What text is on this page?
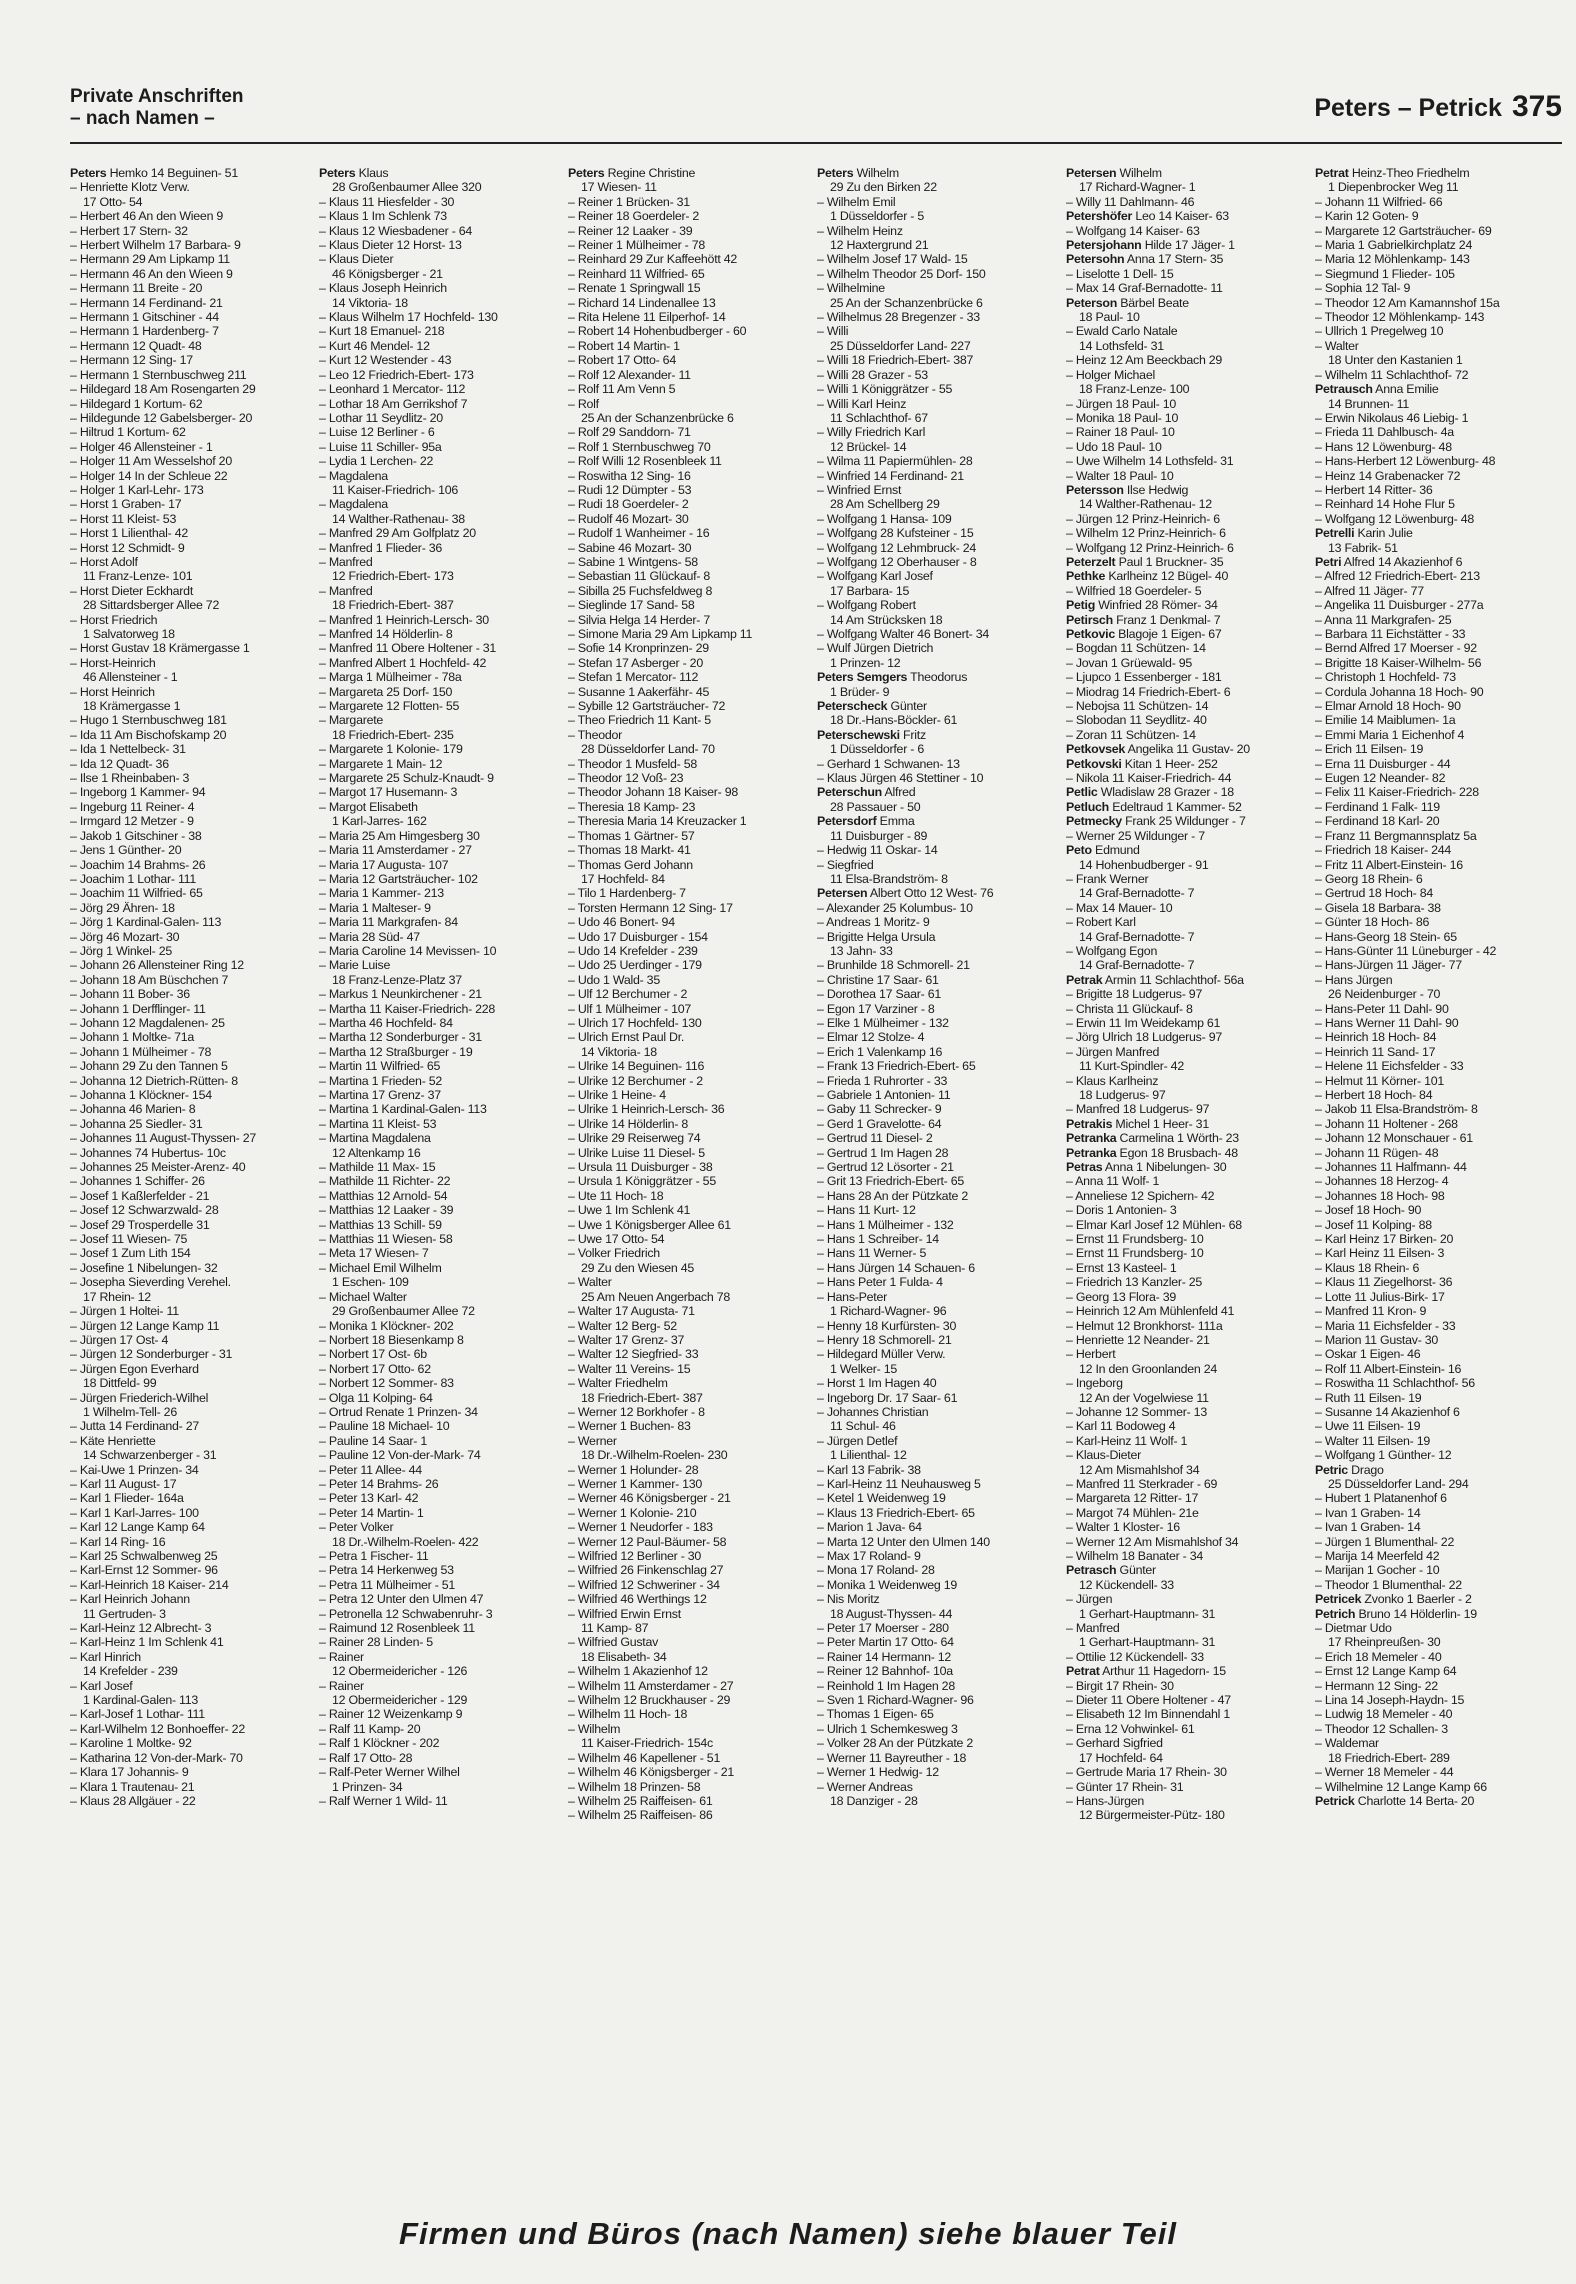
Private Anschriften
– nach Namen –	Peters – Petrick 375
Peters Hemko 14 Beguinen- 51
– Henriette Klotz Verw.
17 Otto- 54
– Herbert 46 An den Wieen 9
– Herbert 17 Stern- 32
– Herbert Wilhelm 17 Barbara- 9
– Hermann 29 Am Lipkamp 11
– Hermann 46 An den Wieen 9
– Hermann 11 Breite - 20
– Hermann 14 Ferdinand- 21
– Hermann 1 Gitschiner - 44
– Hermann 1 Hardenberg- 7
– Hermann 12 Quadt- 48
– Hermann 12 Sing- 17
– Hermann 1 Sternbuschweg 211
– Hildegard 18 Am Rosengarten 29
– Hildegard 1 Kortum- 62
– Hildegunde 12 Gabelsberger- 20
– Hiltrud 1 Kortum- 62
– Holger 46 Allensteiner - 1
– Holger 11 Am Wesselshof 20
– Holger 14 In der Schleue 22
– Holger 1 Karl-Lehr- 173
– Horst 1 Graben- 17
– Horst 11 Kleist- 53
– Horst 1 Lilienthal- 42
– Horst 12 Schmidt- 9
– Horst Adolf
11 Franz-Lenze- 101
– Horst Dieter Eckhardt
28 Sittardsberger Allee 72
– Horst Friedrich
1 Salvatorweg 18
– Horst Gustav 18 Krämergasse 1
– Horst-Heinrich
46 Allensteiner - 1
– Horst Heinrich
18 Krämergasse 1
– Hugo 1 Sternbuschweg 181
– Ida 11 Am Bischofskamp 20
– Ida 1 Nettelbeck- 31
– Ida 12 Quadt- 36
– Ilse 1 Rheinbaben- 3
– Ingeborg 1 Kammer- 94
– Ingeburg 11 Reiner- 4
– Irmgard 12 Metzer - 9
– Jakob 1 Gitschiner - 38
– Jens 1 Günther- 20
– Joachim 14 Brahms- 26
– Joachim 1 Lothar- 111
– Joachim 11 Wilfried- 65
– Jörg 29 Ähren- 18
– Jörg 1 Kardinal-Galen- 113
– Jörg 46 Mozart- 30
– Jörg 1 Winkel- 25
– Johann 26 Allensteiner Ring 12
– Johann 18 Am Büschchen 7
– Johann 11 Bober- 36
– Johann 1 Derfflinger- 11
– Johann 12 Magdalenen- 25
– Johann 1 Moltke- 71a
– Johann 1 Mülheimer - 78
– Johann 29 Zu den Tannen 5
– Johanna 12 Dietrich-Rütten- 8
– Johanna 1 Klöckner- 154
– Johanna 46 Marien- 8
– Johanna 25 Siedler- 31
– Johannes 11 August-Thyssen- 27
– Johannes 74 Hubertus- 10c
– Johannes 25 Meister-Arenz- 40
– Johannes 1 Schiffer- 26
– Josef 1 Kaßlerfelder - 21
– Josef 12 Schwarzwald- 28
– Josef 29 Trosperdelle 31
– Josef 11 Wiesen- 75
– Josef 1 Zum Lith 154
– Josefine 1 Nibelungen- 32
– Josepha Sieverding Verehel.
17 Rhein- 12
– Jürgen 1 Holtei- 11
– Jürgen 12 Lange Kamp 11
– Jürgen 17 Ost- 4
– Jürgen 12 Sonderburger - 31
– Jürgen Egon Everhard
18 Dittfeld- 99
– Jürgen Friederich-Wilhel
1 Wilhelm-Tell- 26
– Jutta 14 Ferdinand- 27
– Käte Henriette
14 Schwarzenberger - 31
– Kai-Uwe 1 Prinzen- 34
– Karl 11 August- 17
– Karl 1 Flieder- 164a
– Karl 1 Karl-Jarres- 100
– Karl 12 Lange Kamp 64
– Karl 14 Ring- 16
– Karl 25 Schwalbenweg 25
– Karl-Ernst 12 Sommer- 96
– Karl-Heinrich 18 Kaiser- 214
– Karl Heinrich Johann
11 Gertruden- 3
– Karl-Heinz 12 Albrecht- 3
– Karl-Heinz 1 Im Schlenk 41
– Karl Hinrich
14 Krefelder - 239
– Karl Josef
1 Kardinal-Galen- 113
– Karl-Josef 1 Lothar- 111
– Karl-Wilhelm 12 Bonhoeffer- 22
– Karoline 1 Moltke- 92
– Katharina 12 Von-der-Mark- 70
– Klara 17 Johannis- 9
– Klara 1 Trautenau- 21
– Klaus 28 Allgäuer - 22
Peters Klaus
28 Großenbaumer Allee 320
– Klaus 11 Hiesfelder - 30
– Klaus 1 Im Schlenk 73
– Klaus 12 Wiesbadener - 64
– Klaus Dieter 12 Horst- 13
– Klaus Dieter
46 Königsberger - 21
– Klaus Joseph Heinrich
14 Viktoria- 18
– Klaus Wilhelm 17 Hochfeld- 130
– Kurt 18 Emanuel- 218
– Kurt 46 Mendel- 12
– Kurt 12 Westender - 43
– Leo 12 Friedrich-Ebert- 173
– Leonhard 1 Mercator- 112
– Lothar 18 Am Gerrikshof 7
– Lothar 11 Seydlitz- 20
– Luise 12 Berliner - 6
– Luise 11 Schiller- 95a
– Lydia 1 Lerchen- 22
– Magdalena
11 Kaiser-Friedrich- 106
– Magdalena
14 Walther-Rathenau- 38
– Manfred 29 Am Golfplatz 20
– Manfred 1 Flieder- 36
– Manfred
12 Friedrich-Ebert- 173
– Manfred
18 Friedrich-Ebert- 387
– Manfred 1 Heinrich-Lersch- 30
– Manfred 14 Hölderlin- 8
– Manfred 11 Obere Holtener - 31
– Manfred Albert 1 Hochfeld- 42
– Marga 1 Mülheimer - 78a
– Margareta 25 Dorf- 150
– Margarete 12 Flotten- 55
– Margarete
18 Friedrich-Ebert- 235
– Margarete 1 Kolonie- 179
– Margarete 1 Main- 12
– Margarete 25 Schulz-Knaudt- 9
– Margot 17 Husemann- 3
– Margot Elisabeth
1 Karl-Jarres- 162
– Maria 25 Am Himgesberg 30
– Maria 11 Amsterdamer - 27
– Maria 17 Augusta- 107
– Maria 12 Gartsträucher- 102
– Maria 1 Kammer- 213
– Maria 1 Malteser- 9
– Maria 11 Markgrafen- 84
– Maria 28 Süd- 47
– Maria Caroline 14 Mevissen- 10
– Marie Luise
18 Franz-Lenze-Platz 37
– Markus 1 Neunkirchener - 21
– Martha 11 Kaiser-Friedrich- 228
– Martha 46 Hochfeld- 84
– Martha 12 Sonderburger - 31
– Martha 12 Straßburger - 19
– Martin 11 Wilfried- 65
– Martina 1 Frieden- 52
– Martina 17 Grenz- 37
– Martina 1 Kardinal-Galen- 113
– Martina 11 Kleist- 53
– Martina Magdalena
12 Altenkamp 16
– Mathilde 11 Max- 15
– Mathilde 11 Richter- 22
– Matthias 12 Arnold- 54
– Matthias 12 Laaker - 39
– Matthias 13 Schill- 59
– Matthias 11 Wiesen- 58
– Meta 17 Wiesen- 7
– Michael Emil Wilhelm
1 Eschen- 109
– Michael Walter
29 Großenbaumer Allee 72
– Monika 1 Klöckner- 202
– Norbert 18 Biesenkamp 8
– Norbert 17 Ost- 6b
– Norbert 17 Otto- 62
– Norbert 12 Sommer- 83
– Olga 11 Kolping- 64
– Ortrud Renate 1 Prinzen- 34
– Pauline 18 Michael- 10
– Pauline 14 Saar- 1
– Pauline 12 Von-der-Mark- 74
– Peter 11 Allee- 44
– Peter 14 Brahms- 26
– Peter 13 Karl- 42
– Peter 14 Martin- 1
– Peter Volker
18 Dr.-Wilhelm-Roelen- 422
– Petra 1 Fischer- 11
– Petra 14 Herkenweg 53
– Petra 11 Mülheimer - 51
– Petra 12 Unter den Ulmen 47
– Petronella 12 Schwabenruhr- 3
– Raimund 12 Rosenbleek 11
– Rainer 28 Linden- 5
– Rainer
12 Obermeidericher - 126
– Rainer
12 Obermeidericher - 129
– Rainer 12 Weizenkamp 9
– Ralf 11 Kamp- 20
– Ralf 1 Klöckner - 202
– Ralf 17 Otto- 28
– Ralf-Peter Werner Wilhel
1 Prinzen- 34
– Ralf Werner 1 Wild- 11
Peters Regine Christine
17 Wiesen- 11
– Reiner 1 Brücken- 31
– Reiner 18 Goerdeler- 2
– Reiner 12 Laaker - 39
– Reiner 1 Mülheimer - 78
– Reinhard 29 Zur Kaffeehött 42
– Reinhard 11 Wilfried- 65
– Renate 1 Springwall 15
– Richard 14 Lindenallee 13
– Rita Helene 11 Eilperhof- 14
– Robert 14 Hohenbudberger - 60
– Robert 14 Martin- 1
– Robert 17 Otto- 64
– Rolf 12 Alexander- 11
– Rolf 11 Am Venn 5
– Rolf
25 An der Schanzenbrücke 6
– Rolf 29 Sanddorn- 71
– Rolf 1 Sternbuschweg 70
– Rolf Willi 12 Rosenbleek 11
– Roswitha 12 Sing- 16
– Rudi 12 Dümpter - 53
– Rudi 18 Goerdeler- 2
– Rudolf 46 Mozart- 30
– Rudolf 1 Wanheimer - 16
– Sabine 46 Mozart- 30
– Sabine 1 Wintgens- 58
– Sebastian 11 Glückauf- 8
– Sibilla 25 Fuchsfeldweg 8
– Sieglinde 17 Sand- 58
– Silvia Helga 14 Herder- 7
– Simone Maria 29 Am Lipkamp 11
– Sofie 14 Kronprinzen- 29
– Stefan 17 Asberger - 20
– Stefan 1 Mercator- 112
– Susanne 1 Aakerfähr- 45
– Sybille 12 Gartsträucher- 72
– Theo Friedrich 11 Kant- 5
– Theodor
28 Düsseldorfer Land- 70
– Theodor 1 Musfeld- 58
– Theodor 12 Voß- 23
– Theodor Johann 18 Kaiser- 98
– Theresia 18 Kamp- 23
– Theresia Maria 14 Kreuzacker 1
– Thomas 1 Gärtner- 57
– Thomas 18 Markt- 41
– Thomas Gerd Johann
17 Hochfeld- 84
– Tilo 1 Hardenberg- 7
– Torsten Hermann 12 Sing- 17
– Udo 46 Bonert- 94
– Udo 17 Duisburger - 154
– Udo 14 Krefelder - 239
– Udo 25 Uerdinger - 179
– Udo 1 Wald- 35
– Ulf 12 Berchumer - 2
– Ulf 1 Mülheimer - 107
– Ulrich 17 Hochfeld- 130
– Ulrich Ernst Paul Dr.
14 Viktoria- 18
– Ulrike 14 Beguinen- 116
– Ulrike 12 Berchumer - 2
– Ulrike 1 Heine- 4
– Ulrike 1 Heinrich-Lersch- 36
– Ulrike 14 Hölderlin- 8
– Ulrike 29 Reiserweg 74
– Ulrike Luise 11 Diesel- 5
– Ursula 11 Duisburger - 38
– Ursula 1 Königgrätzer - 55
– Ute 11 Hoch- 18
– Uwe 1 Im Schlenk 41
– Uwe 1 Königsberger Allee 61
– Uwe 17 Otto- 54
– Volker Friedrich
29 Zu den Wiesen 45
– Walter
25 Am Neuen Angerbach 78
– Walter 17 Augusta- 71
– Walter 12 Berg- 52
– Walter 17 Grenz- 37
– Walter 12 Siegfried- 33
– Walter 11 Vereins- 15
– Walter Friedhelm
18 Friedrich-Ebert- 387
– Werner 12 Borkhofer - 8
– Werner 1 Buchen- 83
– Werner
18 Dr.-Wilhelm-Roelen- 230
– Werner 1 Holunder- 28
– Werner 1 Kammer- 130
– Werner 46 Königsberger - 21
– Werner 1 Kolonie- 210
– Werner 1 Neudorfer - 183
– Werner 12 Paul-Bäumer- 58
– Wilfried 12 Berliner - 30
– Wilfried 26 Finkenschlag 27
– Wilfried 12 Schweriner - 34
– Wilfried 46 Werthings 12
– Wilfried Erwin Ernst
11 Kamp- 87
– Wilfried Gustav
18 Elisabeth- 34
– Wilhelm 1 Akazienhof 12
– Wilhelm 11 Amsterdamer - 27
– Wilhelm 12 Bruckhauser - 29
– Wilhelm 11 Hoch- 18
– Wilhelm
11 Kaiser-Friedrich- 154c
– Wilhelm 46 Kapellener - 51
– Wilhelm 46 Königsberger - 21
– Wilhelm 18 Prinzen- 58
– Wilhelm 25 Raiffeisen- 61
– Wilhelm 25 Raiffeisen- 86
Peters Wilhelm
29 Zu den Birken 22
– Wilhelm Emil
1 Düsseldorfer - 5
– Wilhelm Heinz
12 Haxtergrund 21
– Wilhelm Josef 17 Wald- 15
– Wilhelm Theodor 25 Dorf- 150
– Wilhelmine
25 An der Schanzenbrücke 6
– Wilhelmus 28 Bregenzer - 33
– Willi
25 Düsseldorfer Land- 227
– Willi 18 Friedrich-Ebert- 387
– Willi 28 Grazer - 53
– Willi 1 Königgrätzer - 55
– Willi Karl Heinz
11 Schlachthof- 67
– Willy Friedrich Karl
12 Brückel- 14
– Wilma 11 Papiermühlen- 28
– Winfried 14 Ferdinand- 21
– Winfried Ernst
28 Am Schellberg 29
– Wolfgang 1 Hansa- 109
– Wolfgang 28 Kufsteiner - 15
– Wolfgang 12 Lehmbruck- 24
– Wolfgang 12 Oberhauser - 8
– Wolfgang Karl Josef
17 Barbara- 15
– Wolfgang Robert
14 Am Strücksken 18
– Wolfgang Walter 46 Bonert- 34
– Wulf Jürgen Dietrich
1 Prinzen- 12
Peters Semgers Theodorus
1 Brüder- 9
Peterscheck Günter
18 Dr.-Hans-Böckler- 61
Peterschewski Fritz
1 Düsseldorfer - 6
– Gerhard 1 Schwanen- 13
– Klaus Jürgen 46 Stettiner - 10
Peterschun Alfred
28 Passauer - 50
Petersdorf Emma
11 Duisburger - 89
– Hedwig 11 Oskar- 14
– Siegfried
11 Elsa-Brandström- 8
Petersen Albert Otto 12 West- 76
– Alexander 25 Kolumbus- 10
– Andreas 1 Moritz- 9
– Brigitte Helga Ursula
13 Jahn- 33
– Brunhilde 18 Schmorell- 21
– Christine 17 Saar- 61
– Dorothea 17 Saar- 61
– Egon 17 Varziner - 8
– Elke 1 Mülheimer - 132
– Elmar 12 Stolze- 4
– Erich 1 Valenkamp 16
– Frank 13 Friedrich-Ebert- 65
– Frieda 1 Ruhrorter - 33
– Gabriele 1 Antonien- 11
– Gaby 11 Schrecker- 9
– Gerd 1 Gravelotte- 64
– Gertrud 11 Diesel- 2
– Gertrud 1 Im Hagen 28
– Gertrud 12 Lösorter - 21
– Grit 13 Friedrich-Ebert- 65
– Hans 28 An der Pützkate 2
– Hans 11 Kurt- 12
– Hans 1 Mülheimer - 132
– Hans 1 Schreiber- 14
– Hans 11 Werner- 5
– Hans Jürgen 14 Schauen- 6
– Hans Peter 1 Fulda- 4
– Hans-Peter
1 Richard-Wagner- 96
– Henny 18 Kurfürsten- 30
– Henry 18 Schmorell- 21
– Hildegard Müller Verw.
1 Welker- 15
– Horst 1 Im Hagen 40
– Ingeborg Dr. 17 Saar- 61
– Johannes Christian
11 Schul- 46
– Jürgen Detlef
1 Lilienthal- 12
– Karl 13 Fabrik- 38
– Karl-Heinz 11 Neuhausweg 5
– Ketel 1 Weidenweg 19
– Klaus 13 Friedrich-Ebert- 65
– Marion 1 Java- 64
– Marta 12 Unter den Ulmen 140
– Max 17 Roland- 9
– Mona 17 Roland- 28
– Monika 1 Weidenweg 19
– Nis Moritz
18 August-Thyssen- 44
– Peter 17 Moerser - 280
– Peter Martin 17 Otto- 64
– Rainer 14 Hermann- 12
– Reiner 12 Bahnhof- 10a
– Reinhold 1 Im Hagen 28
– Sven 1 Richard-Wagner- 96
– Thomas 1 Eigen- 65
– Ulrich 1 Schemkesweg 3
– Volker 28 An der Pützkate 2
– Werner 11 Bayreuther - 18
– Werner 1 Hedwig- 12
– Werner Andreas
18 Danziger - 28
Petersen Wilhelm
17 Richard-Wagner- 1
– Willy 11 Dahlmann- 46
Petershöfer Leo 14 Kaiser- 63
– Wolfgang 14 Kaiser- 63
Petersjohann Hilde 17 Jäger- 1
Petersohn Anna 17 Stern- 35
– Liselotte 1 Dell- 15
– Max 14 Graf-Bernadotte- 11
Peterson Bärbel Beate
18 Paul- 10
– Ewald Carlo Natale
14 Lothsfeld- 31
– Heinz 12 Am Beeckbach 29
– Holger Michael
18 Franz-Lenze- 100
– Jürgen 18 Paul- 10
– Monika 18 Paul- 10
– Rainer 18 Paul- 10
– Udo 18 Paul- 10
– Uwe Wilhelm 14 Lothsfeld- 31
– Walter 18 Paul- 10
Petersson Ilse Hedwig
14 Walther-Rathenau- 12
– Jürgen 12 Prinz-Heinrich- 6
– Wilhelm 12 Prinz-Heinrich- 6
– Wolfgang 12 Prinz-Heinrich- 6
Peterzelt Paul 1 Bruckner- 35
Pethke Karlheinz 12 Bügel- 40
– Wilfried 18 Goerdeler- 5
Petig Winfried 28 Römer- 34
Petirsch Franz 1 Denkmal- 7
Petkovic Blagoje 1 Eigen- 67
– Bogdan 11 Schützen- 14
– Jovan 1 Grüewald- 95
– Ljupco 1 Essenberger - 181
– Miodrag 14 Friedrich-Ebert- 6
– Nebojsa 11 Schützen- 14
– Slobodan 11 Seydlitz- 40
– Zoran 11 Schützen- 14
Petkovsek Angelika 11 Gustav- 20
Petkovski Kitan 1 Heer- 252
– Nikola 11 Kaiser-Friedrich- 44
Petlic Wladislaw 28 Grazer - 18
Petluch Edeltraud 1 Kammer- 52
Petmecky Frank 25 Wildunger - 7
– Werner 25 Wildunger - 7
Peto Edmund
14 Hohenbudberger - 91
– Frank Werner
14 Graf-Bernadotte- 7
– Max 14 Mauer- 10
– Robert Karl
14 Graf-Bernadotte- 7
– Wolfgang Egon
14 Graf-Bernadotte- 7
Petrak Armin 11 Schlachthof- 56a
– Brigitte 18 Ludgerus- 97
– Christa 11 Glückauf- 8
– Erwin 11 Im Weidekamp 61
– Jörg Ulrich 18 Ludgerus- 97
– Jürgen Manfred
11 Kurt-Spindler- 42
– Klaus Karlheinz
18 Ludgerus- 97
– Manfred 18 Ludgerus- 97
Petrakis Michel 1 Heer- 31
Petranka Carmelina 1 Wörth- 23
Petranka Egon 18 Brusbach- 48
Petras Anna 1 Nibelungen- 30
– Anna 11 Wolf- 1
– Anneliese 12 Spichern- 42
– Doris 1 Antonien- 3
– Elmar Karl Josef 12 Mühlen- 68
– Ernst 11 Frundsberg- 10
– Ernst 11 Frundsberg- 10
– Ernst 13 Kasteel- 1
– Friedrich 13 Kanzler- 25
– Georg 13 Flora- 39
– Heinrich 12 Am Mühlenfeld 41
– Helmut 12 Bronkhorst- 111a
– Henriette 12 Neander- 21
– Herbert
12 In den Groonlanden 24
– Ingeborg
12 An der Vogelwiese 11
– Johanne 12 Sommer- 13
– Karl 11 Bodoweg 4
– Karl-Heinz 11 Wolf- 1
– Klaus-Dieter
12 Am Mismahlshof 34
– Manfred 11 Sterkrader - 69
– Margareta 12 Ritter- 17
– Margot 74 Mühlen- 21e
– Walter 1 Kloster- 16
– Werner 12 Am Mismahlshof 34
– Wilhelm 18 Banater - 34
Petrasch Günter
12 Kückendell- 33
– Jürgen
1 Gerhart-Hauptmann- 31
– Manfred
1 Gerhart-Hauptmann- 31
– Ottilie 12 Kückendell- 33
Petrat Arthur 11 Hagedorn- 15
– Birgit 17 Rhein- 30
– Dieter 11 Obere Holtener - 47
– Elisabeth 12 Im Binnendahl 1
– Erna 12 Vohwinkel- 61
– Gerhard Sigfried
17 Hochfeld- 64
– Gertrude Maria 17 Rhein- 30
– Günter 17 Rhein- 31
– Hans-Jürgen
12 Bürgermeister-Pütz- 180
Petrat Heinz-Theo Friedhelm
1 Diepenbrocker Weg 11
– Johann 11 Wilfried- 66
– Karin 12 Goten- 9
– Margarete 12 Gartsträucher- 69
– Maria 1 Gabrielkirchplatz 24
– Maria 12 Möhlenkamp- 143
– Siegmund 1 Flieder- 105
– Sophia 12 Tal- 9
– Theodor 12 Am Kamannshof 15a
– Theodor 12 Möhlenkamp- 143
– Ullrich 1 Pregelweg 10
– Walter
18 Unter den Kastanien 1
– Wilhelm 11 Schlachthof- 72
Petrausch Anna Emilie
14 Brunnen- 11
– Erwin Nikolaus 46 Liebig- 1
– Frieda 11 Dahlbusch- 4a
– Hans 12 Löwenburg- 48
– Hans-Herbert 12 Löwenburg- 48
– Heinz 14 Grabenacker 72
– Herbert 14 Ritter- 36
– Reinhard 14 Hohe Flur 5
– Wolfgang 12 Löwenburg- 48
Petrelli Karin Julie
13 Fabrik- 51
Petri Alfred 14 Akazienhof 6
– Alfred 12 Friedrich-Ebert- 213
– Alfred 11 Jäger- 77
– Angelika 11 Duisburger - 277a
– Anna 11 Markgrafen- 25
– Barbara 11 Eichstätter - 33
– Bernd Alfred 17 Moerser - 92
– Brigitte 18 Kaiser-Wilhelm- 56
– Christoph 1 Hochfeld- 73
– Cordula Johanna 18 Hoch- 90
– Elmar Arnold 18 Hoch- 90
– Emilie 14 Maiblumen- 1a
– Emmi Maria 1 Eichenhof 4
– Erich 11 Eilsen- 19
– Erna 11 Duisburger - 44
– Eugen 12 Neander- 82
– Felix 11 Kaiser-Friedrich- 228
– Ferdinand 1 Falk- 119
– Ferdinand 18 Karl- 20
– Franz 11 Bergmannsplatz 5a
– Friedrich 18 Kaiser- 244
– Fritz 11 Albert-Einstein- 16
– Georg 18 Rhein- 6
– Gertrud 18 Hoch- 84
– Gisela 18 Barbara- 38
– Günter 18 Hoch- 86
– Hans-Georg 18 Stein- 65
– Hans-Günter 11 Lüneburger - 42
– Hans-Jürgen 11 Jäger- 77
– Hans Jürgen
26 Neidenburger - 70
– Hans-Peter 11 Dahl- 90
– Hans Werner 11 Dahl- 90
– Heinrich 18 Hoch- 84
– Heinrich 11 Sand- 17
– Helene 11 Eichsfelder - 33
– Helmut 11 Körner- 101
– Herbert 18 Hoch- 84
– Jakob 11 Elsa-Brandström- 8
– Johann 11 Holtener - 268
– Johann 12 Monschauer - 61
– Johann 11 Rügen- 48
– Johannes 11 Halfmann- 44
– Johannes 18 Herzog- 4
– Johannes 18 Hoch- 98
– Josef 18 Hoch- 90
– Josef 11 Kolping- 88
– Karl Heinz 17 Birken- 20
– Karl Heinz 11 Eilsen- 3
– Klaus 18 Rhein- 6
– Klaus 11 Ziegelhorst- 36
– Lotte 11 Julius-Birk- 17
– Manfred 11 Kron- 9
– Maria 11 Eichsfelder - 33
– Marion 11 Gustav- 30
– Oskar 1 Eigen- 46
– Rolf 11 Albert-Einstein- 16
– Roswitha 11 Schlachthof- 56
– Ruth 11 Eilsen- 19
– Susanne 14 Akazienhof 6
– Uwe 11 Eilsen- 19
– Walter 11 Eilsen- 19
– Wolfgang 1 Günther- 12
Petric Drago
25 Düsseldorfer Land- 294
– Hubert 1 Platanenhof 6
– Ivan 1 Graben- 14
– Ivan 1 Graben- 14
– Jürgen 1 Blumenthal- 22
– Marija 14 Meerfeld 42
– Marijan 1 Gocher - 10
– Theodor 1 Blumenthal- 22
Petricek Zvonko 1 Baerler - 2
Petrich Bruno 14 Hölderlin- 19
– Dietmar Udo
17 Rheinpreußen- 30
– Erich 18 Memeler - 40
– Ernst 12 Lange Kamp 64
– Hermann 12 Sing- 22
– Lina 14 Joseph-Haydn- 15
– Ludwig 18 Memeler - 40
– Theodor 12 Schallen- 3
– Waldemar
18 Friedrich-Ebert- 289
– Werner 18 Memeler - 44
– Wilhelmine 12 Lange Kamp 66
Petrick Charlotte 14 Berta- 20
Firmen und Büros (nach Namen) siehe blauer Teil
